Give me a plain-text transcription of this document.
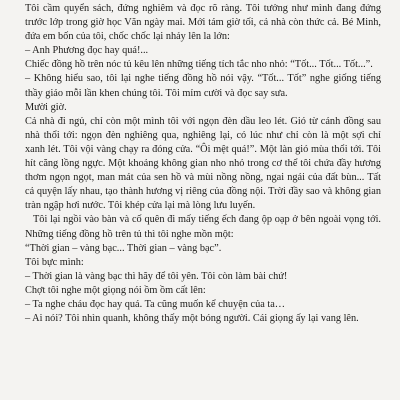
Tôi cầm quyển sách, đứng nghiêm và đọc rõ ràng. Tôi tưởng như mình đang đứng trước lớp trong giờ học Văn ngày mai. Mới tám giờ tối, cả nhà còn thức cả. Bé Minh, đứa em bốn của tôi, chốc chốc lại nhảy lên la lớn:

– Anh Phương đọc hay quá!...

Chiếc đồng hồ trên nóc tủ kêu lên những tiếng tích tắc nho nhỏ: “Tốt... Tốt... Tốt...”.

– Không hiểu sao, tôi lại nghe tiếng đồng hồ nói vậy. “Tốt... Tốt” nghe giống tiếng thầy giáo mỗi lần khen chúng tôi. Tôi mỉm cười và đọc say sưa.

Mười giờ.

Cả nhà đi ngủ, chỉ còn một mình tôi với ngọn đèn dầu leo lét. Gió từ cánh đồng sau nhà thổi tới: ngọn đèn nghiêng qua, nghiêng lại, có lúc như chỉ còn là một sợi chỉ xanh lét. Tôi vội vàng chạy ra đóng cửa. “Ôi mệt quá!”. Một làn gió mùa thổi tới. Tôi hít căng lồng ngực. Một khoảng không gian nho nhỏ trong cơ thể tôi chứa đầy hương thơm ngọn ngọt, man mát của sen hồ và mùi nồng nồng, ngai ngái của đất bùn... Tất cả quyện lấy nhau, tạo thành hương vị riêng của đồng nội. Trời đầy sao và không gian tràn ngập hơi nước. Tôi khép cửa lại mà lòng lưu luyến.

Tôi lại ngồi vào bàn và cố quên đi mấy tiếng ếch đang ộp oạp ở bên ngoài vọng tới. Những tiếng đồng hồ trên tủ thì tôi nghe mồn một:

“Thời gian – vàng bạc... Thời gian – vàng bạc”.

Tôi bực mình:

– Thời gian là vàng bạc thì hãy để tôi yên. Tôi còn làm bài chứ!

Chợt tôi nghe một giọng nói ồm ồm cất lên:

– Ta nghe cháu đọc hay quá. Ta cũng muốn kể chuyện của ta…

– Ai nói? Tôi nhìn quanh, không thấy một bóng người. Cái giọng ấy lại vang lên.
